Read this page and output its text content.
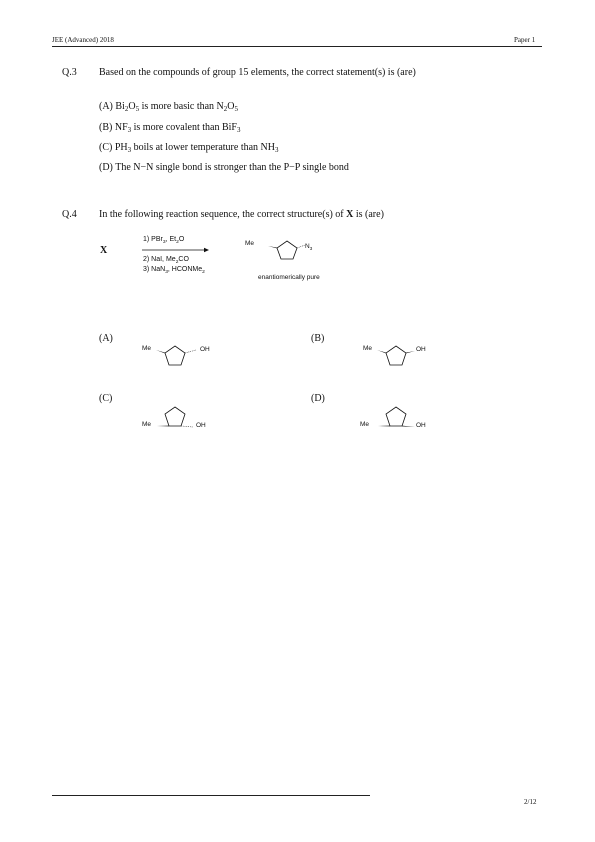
JEE (Advanced) 2018	Paper 1
Q.3 Based on the compounds of group 15 elements, the correct statement(s) is (are)
(A) $Bi_2O_5$ is more basic than $N_2O_5$
(B) $NF_3$ is more covalent than BiF$_3$
(C) $PH_3$ boils at lower temperature than $NH_3$
(D) The N−N single bond is stronger than the P−P single bond
Q.4 In the following reaction sequence, the correct structure(s) of X is (are)
X
1) PBr$_3$, $Et_2O$
2) NaI, $Me_2CO$
3) NaN$_3$, HCONMe$_2$
Me	$N_3$
enantiomerically pure
(A)
Me	OH
(B)
Me	OH
(C)
Me	OH
(D)
Me	OH
2/12
